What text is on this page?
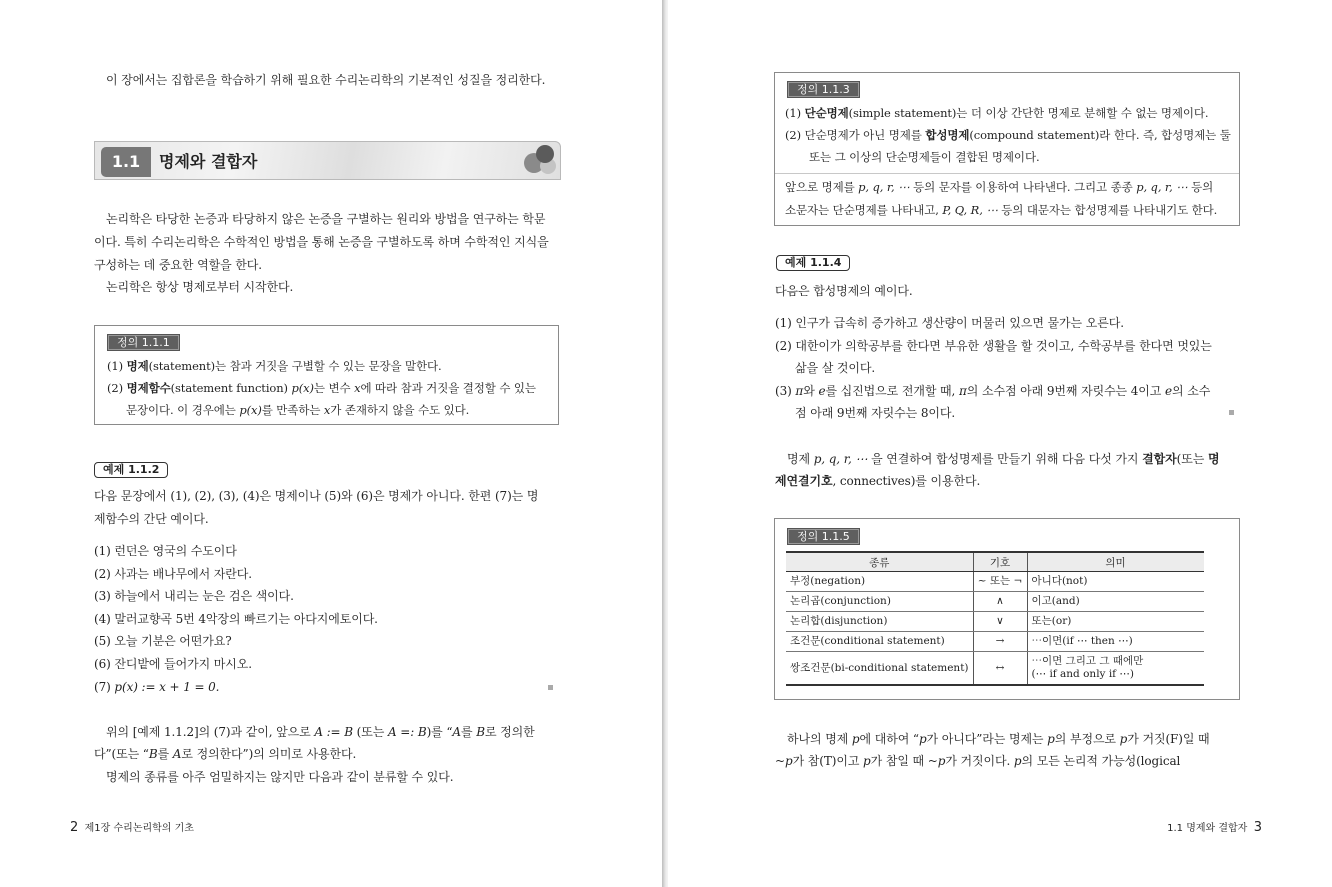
이 장에서는 집합론을 학습하기 위해 필요한 수리논리학의 기본적인 성질을 정리한다.
1.1	명제와 결합자
논리학은 타당한 논증과 타당하지 않은 논증을 구별하는 원리와 방법을 연구하는 학문
이다. 특히 수리논리학은 수학적인 방법을 통해 논증을 구별하도록 하며 수학적인 지식을
구성하는 데 중요한 역할을 한다.
논리학은 항상 명제로부터 시작한다.
정의 1.1.1
(1) 명제(statement)는 참과 거짓을 구별할 수 있는 문장을 말한다.
(2) 명제함수(statement function) p(x)는 변수 x에 따라 참과 거짓을 결정할 수 있는
문장이다. 이 경우에는 p(x)를 만족하는 x가 존재하지 않을 수도 있다.
예제 1.1.2
다음 문장에서 (1), (2), (3), (4)은 명제이나 (5)와 (6)은 명제가 아니다. 한편 (7)는 명
제함수의 간단 예이다.
(1) 런던은 영국의 수도이다
(2) 사과는 배나무에서 자란다.
(3) 하늘에서 내리는 눈은 검은 색이다.
(4) 말러교향곡 5번 4악장의 빠르기는 아다지에토이다.
(5) 오늘 기분은 어떤가요?
(6) 잔디밭에 들어가지 마시오.
(7) p(x) := x + 1 = 0.
위의 [예제 1.1.2]의 (7)과 같이, 앞으로 A := B (또는 A =: B)를 “A를 B로 정의한
다”(또는 “B를 A로 정의한다”)의 의미로 사용한다.
명제의 종류를 아주 엄밀하지는 않지만 다음과 같이 분류할 수 있다.
2 제1장 수리논리학의 기초
정의 1.1.3
(1) 단순명제(simple statement)는 더 이상 간단한 명제로 분해할 수 없는 명제이다.
(2) 단순명제가 아닌 명제를 합성명제(compound statement)라 한다. 즉, 합성명제는 둘
또는 그 이상의 단순명제들이 결합된 명제이다.
앞으로 명제를 p, q, r, ⋯ 등의 문자를 이용하여 나타낸다. 그리고 종종 p, q, r, ⋯ 등의
소문자는 단순명제를 나타내고, P, Q, R, ⋯ 등의 대문자는 합성명제를 나타내기도 한다.
예제 1.1.4
다음은 합성명제의 예이다.
(1) 인구가 급속히 증가하고 생산량이 머물러 있으면 물가는 오른다.
(2) 대한이가 의학공부를 한다면 부유한 생활을 할 것이고, 수학공부를 한다면 멋있는
삶을 살 것이다.
(3) π와 e를 십진법으로 전개할 때, π의 소수점 아래 9번째 자릿수는 4이고 e의 소수
점 아래 9번째 자릿수는 8이다.
명제 p, q, r, ⋯ 을 연결하여 합성명제를 만들기 위해 다음 다섯 가지 결합자(또는 명
제연결기호, connectives)를 이용한다.
정의 1.1.5
종류	기호	의미
부정(negation)	~ 또는 ¬	아니다(not)
논리곱(conjunction)	∧	이고(and)
논리합(disjunction)	∨	또는(or)
조건문(conditional statement)	→	⋯이면(if ⋯ then ⋯)
쌍조건문(bi-conditional statement)	↔	⋯이면 그리고 그 때에만
(⋯ if and only if ⋯)
하나의 명제 p에 대하여 “p가 아니다”라는 명제는 p의 부정으로 p가 거짓(F)일 때
~p가 참(T)이고 p가 참일 때 ~p가 거짓이다. p의 모든 논리적 가능성(logical
1.1 명제와 결합자 3
